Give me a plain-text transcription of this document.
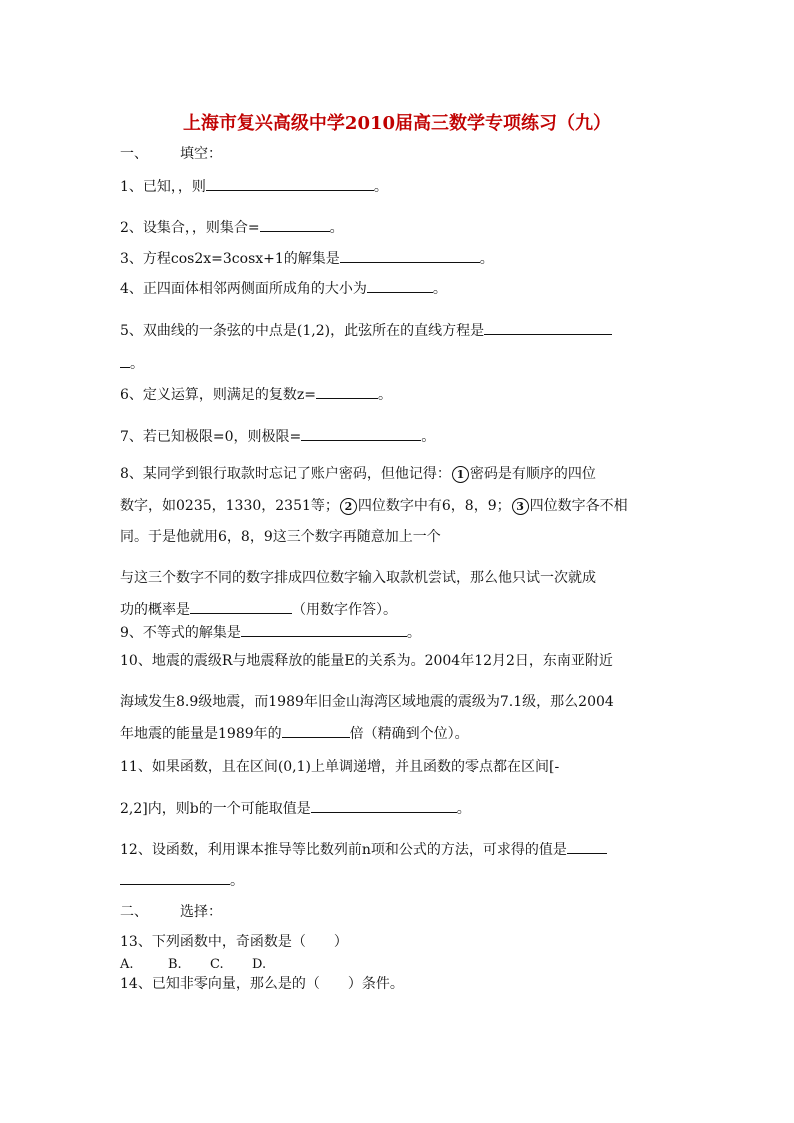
上海市复兴高级中学2010届高三数学专项练习（九）
一、 填空：
1、已知，，则	。
2、设集合，，则集合=	。
3、方程cos2x=3cosx+1的解集是	。
4、正四面体相邻两侧面所成角的大小为	。
5、双曲线的一条弦的中点是(1,2)，此弦所在的直线方程是
。
6、定义运算，则满足的复数z=	。
7、若已知极限=0，则极限=	。
8、某同学到银行取款时忘记了账户密码，但他记得： 1 密码是有顺序的四位
数字，如0235，1330，2351等； 2 四位数字中有6，8，9； 3 四位数字各不相
同。于是他就用6，8，9这三个数字再随意加上一个
与这三个数字不同的数字排成四位数字输入取款机尝试，那么他只试一次就成
功的概率是	（用数字作答）。
9、不等式的解集是	。
10、地震的震级R与地震释放的能量E的关系为。2004年12月2日，东南亚附近
海域发生8.9级地震，而1989年旧金山海湾区域地震的震级为7.1级，那么2004
年地震的能量是1989年的	倍（精确到个位）。
11、如果函数，且在区间(0,1)上单调递增，并且函数的零点都在区间[-
2,2]内，则b的一个可能取值是	。
12、设函数，利用课本推导等比数列前n项和公式的方法，可求得的值是
。
二、 选择：
13、下列函数中，奇函数是（　　）
A.	B. C. D.
14、已知非零向量，那么是的（　　）条件。
